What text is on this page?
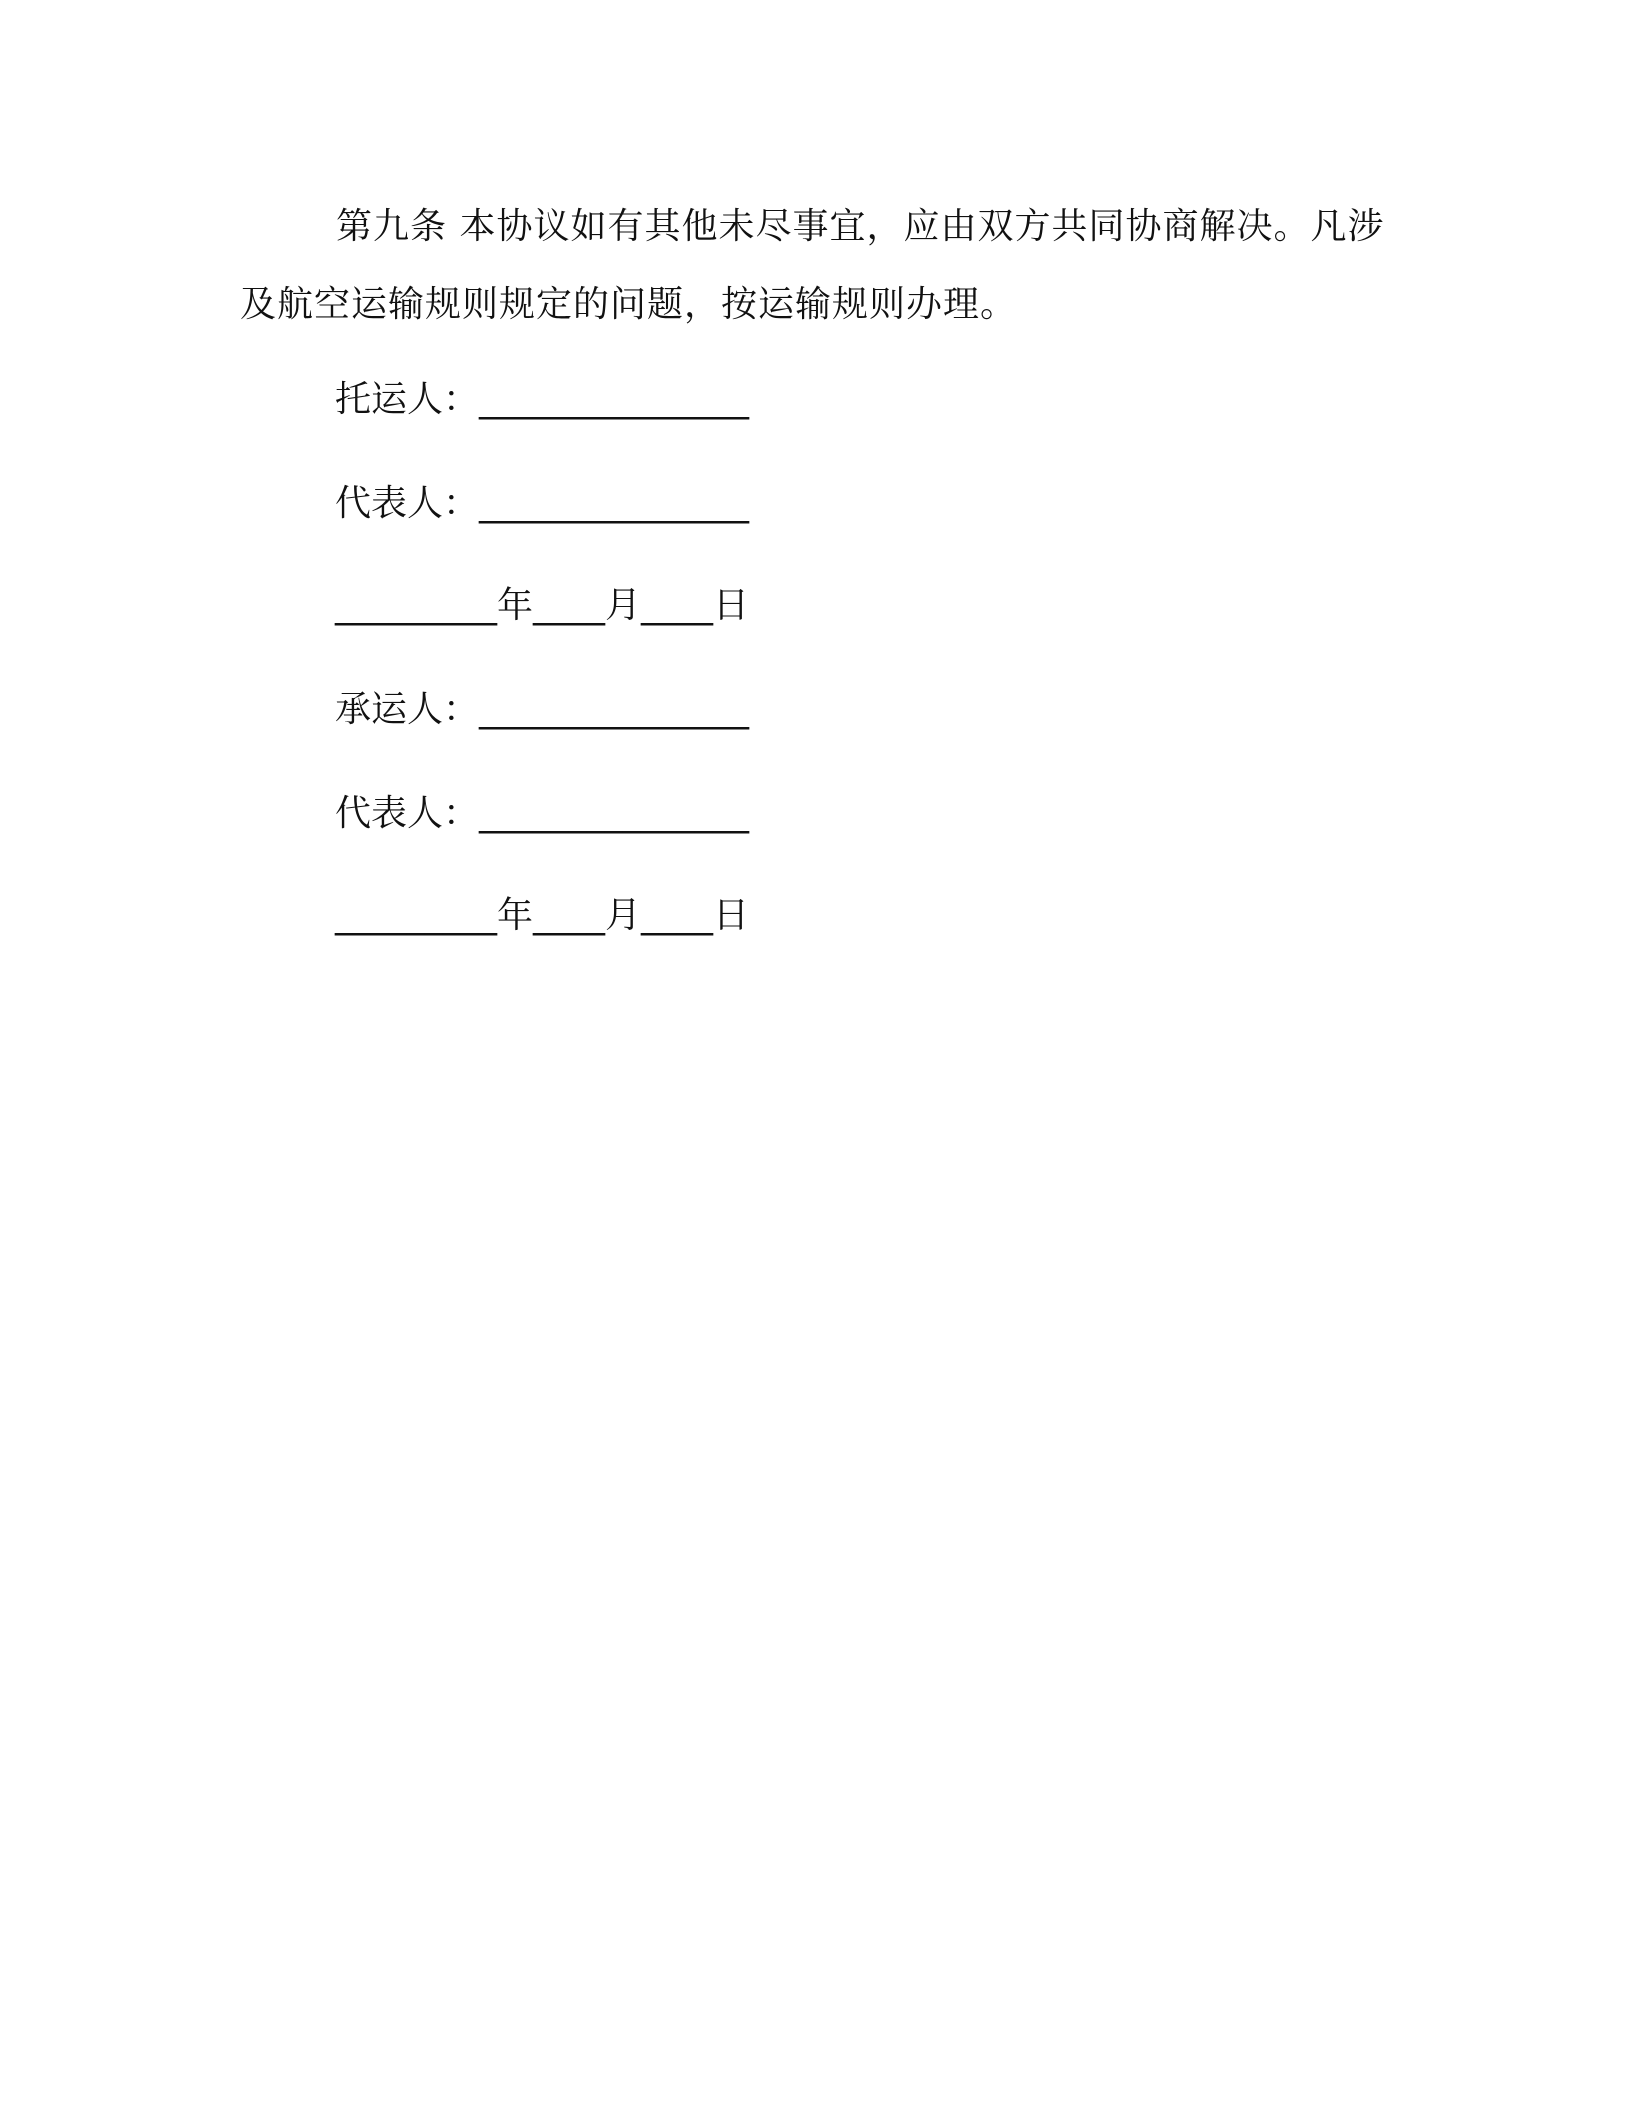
第九条 本协议如有其他未尽事宜，应由双方共同协商解决。凡涉及航空运输规则规定的问题，按运输规则办理。

托运人：_______________

代表人：_______________

_________年____月____日

承运人：_______________

代表人：_______________

_________年____月____日
